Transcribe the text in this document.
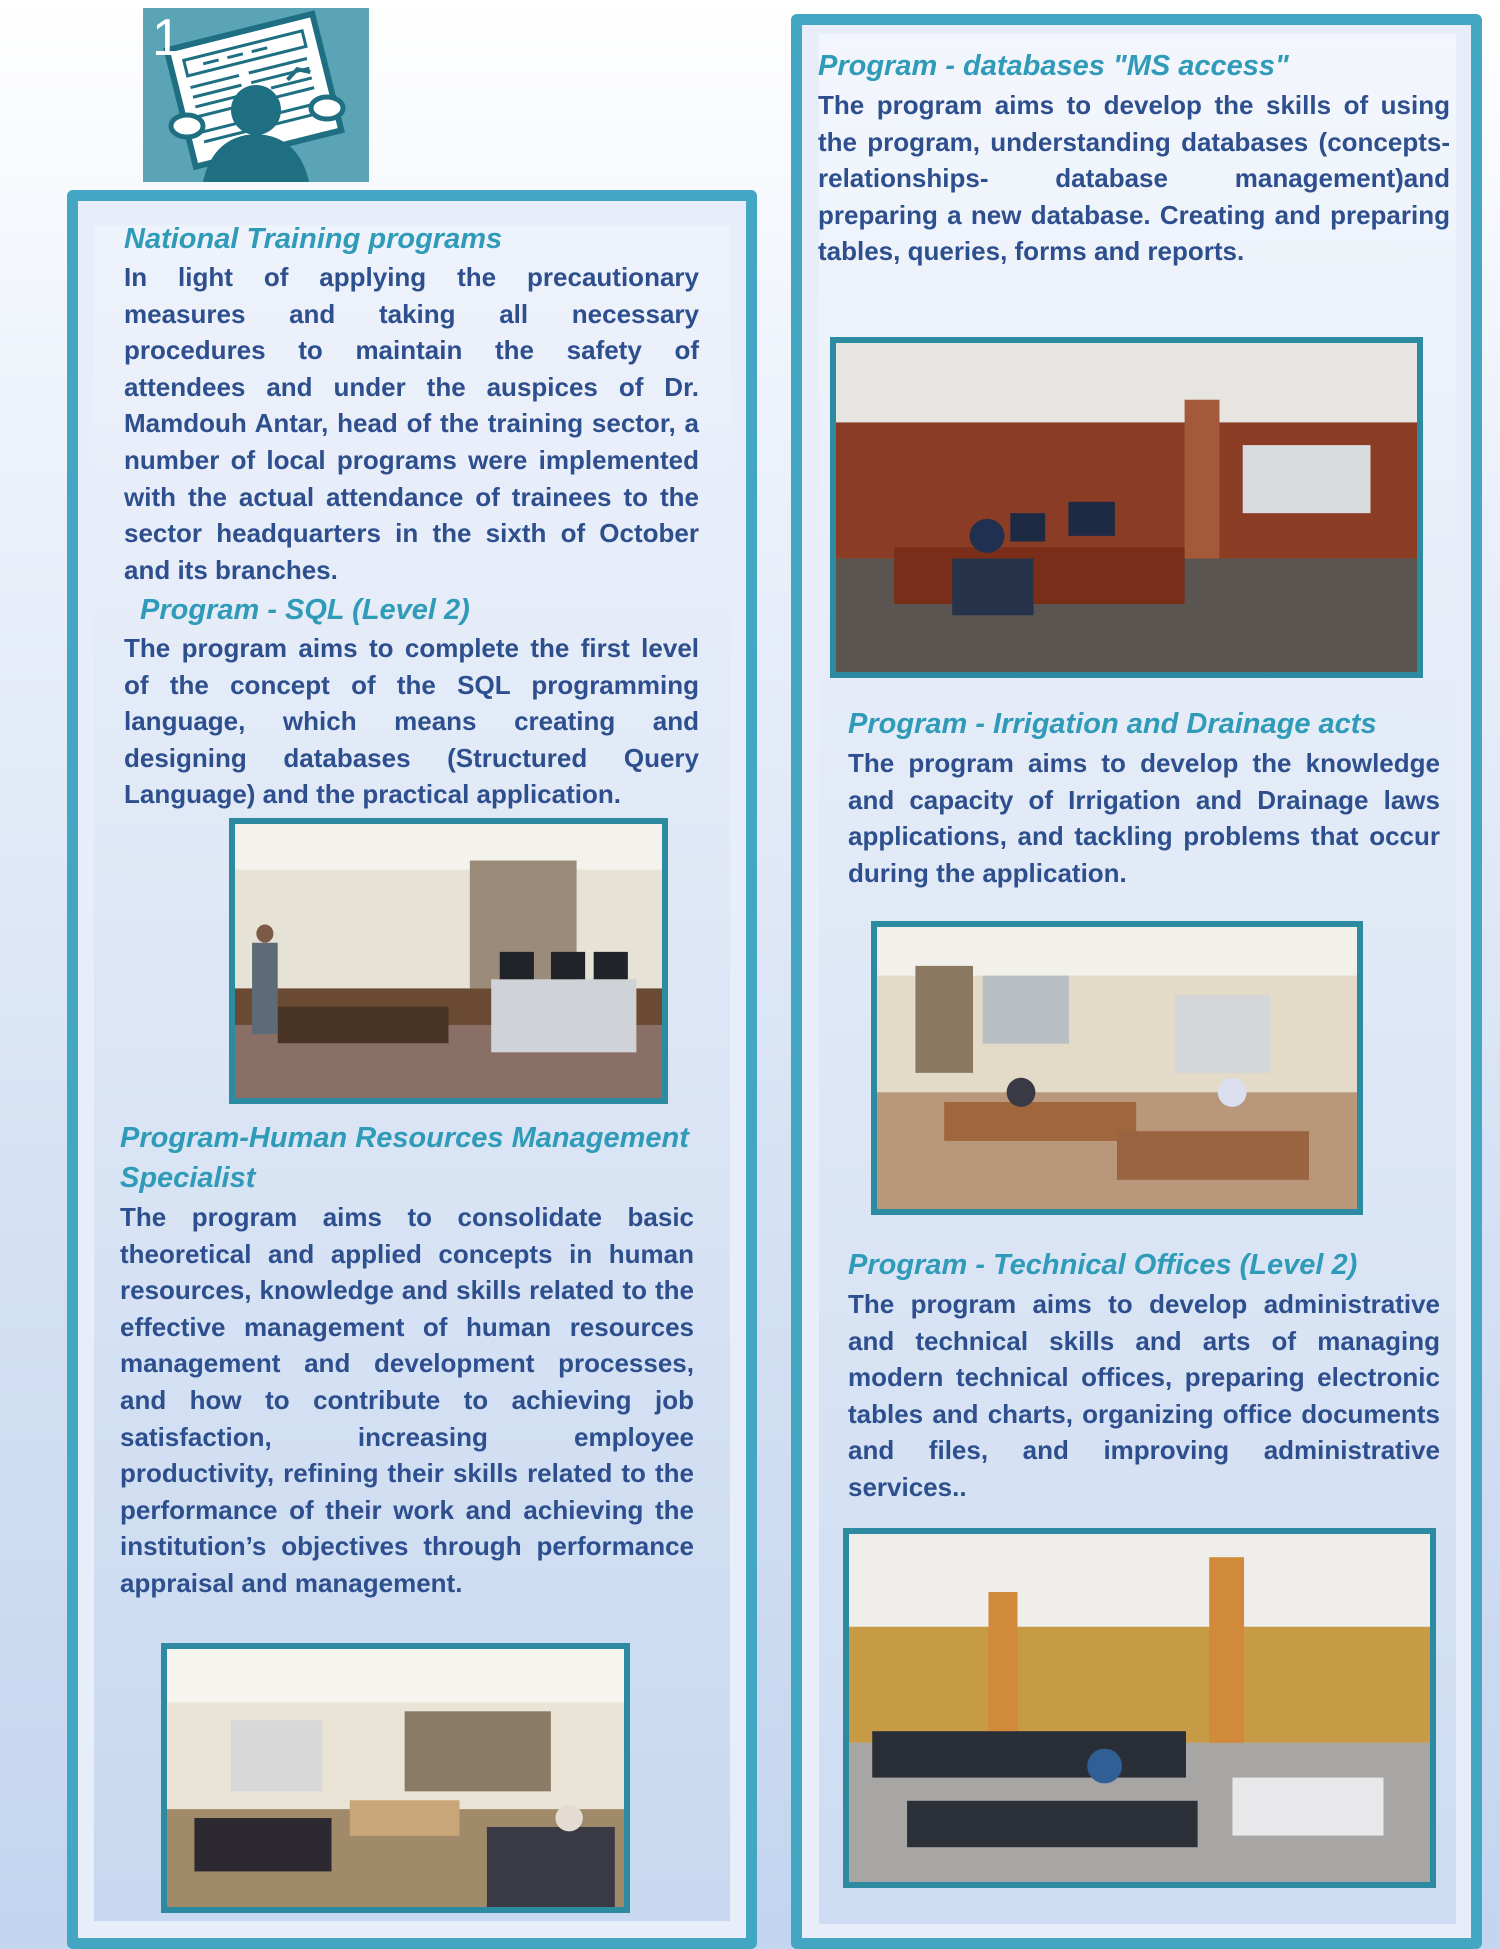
1
National Training programs

In light of applying the precautionary measures and taking all necessary procedures to maintain the safety of attendees and under the auspices of Dr. Mamdouh Antar, head of the training sector, a number of local programs were implemented with the actual attendance of trainees to the sector headquarters in the sixth of October and its branches.

Program - SQL (Level 2)

The program aims to complete the first level of the concept of the SQL programming language, which means creating and designing databases (Structured Query Language) and the practical application.

Program-Human Resources Management
Specialist

The program aims to consolidate basic theoretical and applied concepts in human resources, knowledge and skills related to the effective management of human resources management and development processes, and how to contribute to achieving job satisfaction, increasing employee productivity, refining their skills related to the performance of their work and achieving the institution’s objectives through performance appraisal and management.

Program - databases "MS access"

The program aims to develop the skills of using the program, understanding databases (concepts-relationships- database management)and preparing a new database. Creating and preparing tables, queries, forms and reports.

Program - Irrigation and Drainage acts

The program aims to develop the knowledge and capacity of Irrigation and Drainage laws applications, and tackling problems that occur during the application.

Program - Technical Offices (Level 2)

The program aims to develop administrative and technical skills and arts of managing modern technical offices, preparing electronic tables and charts, organizing office documents and files, and improving administrative services..
